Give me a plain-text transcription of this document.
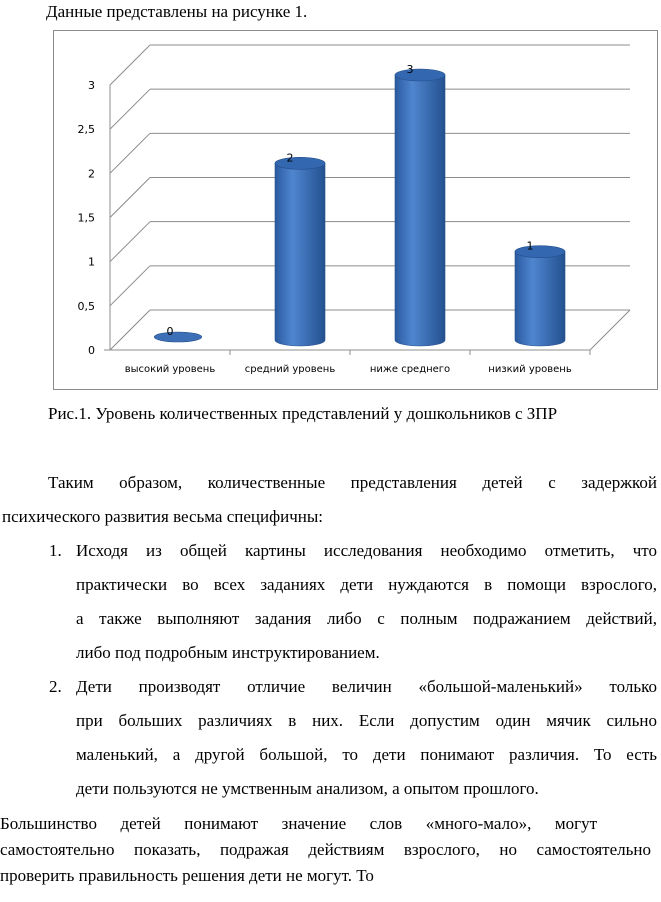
Данные представлены на рисунке 1.
0
0,5
1
1,5
2
2,5
3
высокий уровень
0
средний уровень
2
ниже среднего
3
низкий уровень
1
Рис.1. Уровень количественных представлений у дошкольников с ЗПР
Таким образом, количественные представления детей с задержкой
психического развития весьма специфичны:
1. Исходя из общей картины исследования необходимо отметить, что
практически во всех заданиях дети нуждаются в помощи взрослого,
а также выполняют задания либо с полным подражанием действий,
либо под подробным инструктированием.
2. Дети производят отличие величин «большой-маленький» только
при больших различиях в них. Если допустим один мячик сильно
маленький, а другой большой, то дети понимают различия. То есть
дети пользуются не умственным анализом, а опытом прошлого.
Большинство детей понимают значение слов «много-мало», могут
самостоятельно показать, подражая действиям взрослого, но самостоятельно
проверить правильность решения дети не могут. То
